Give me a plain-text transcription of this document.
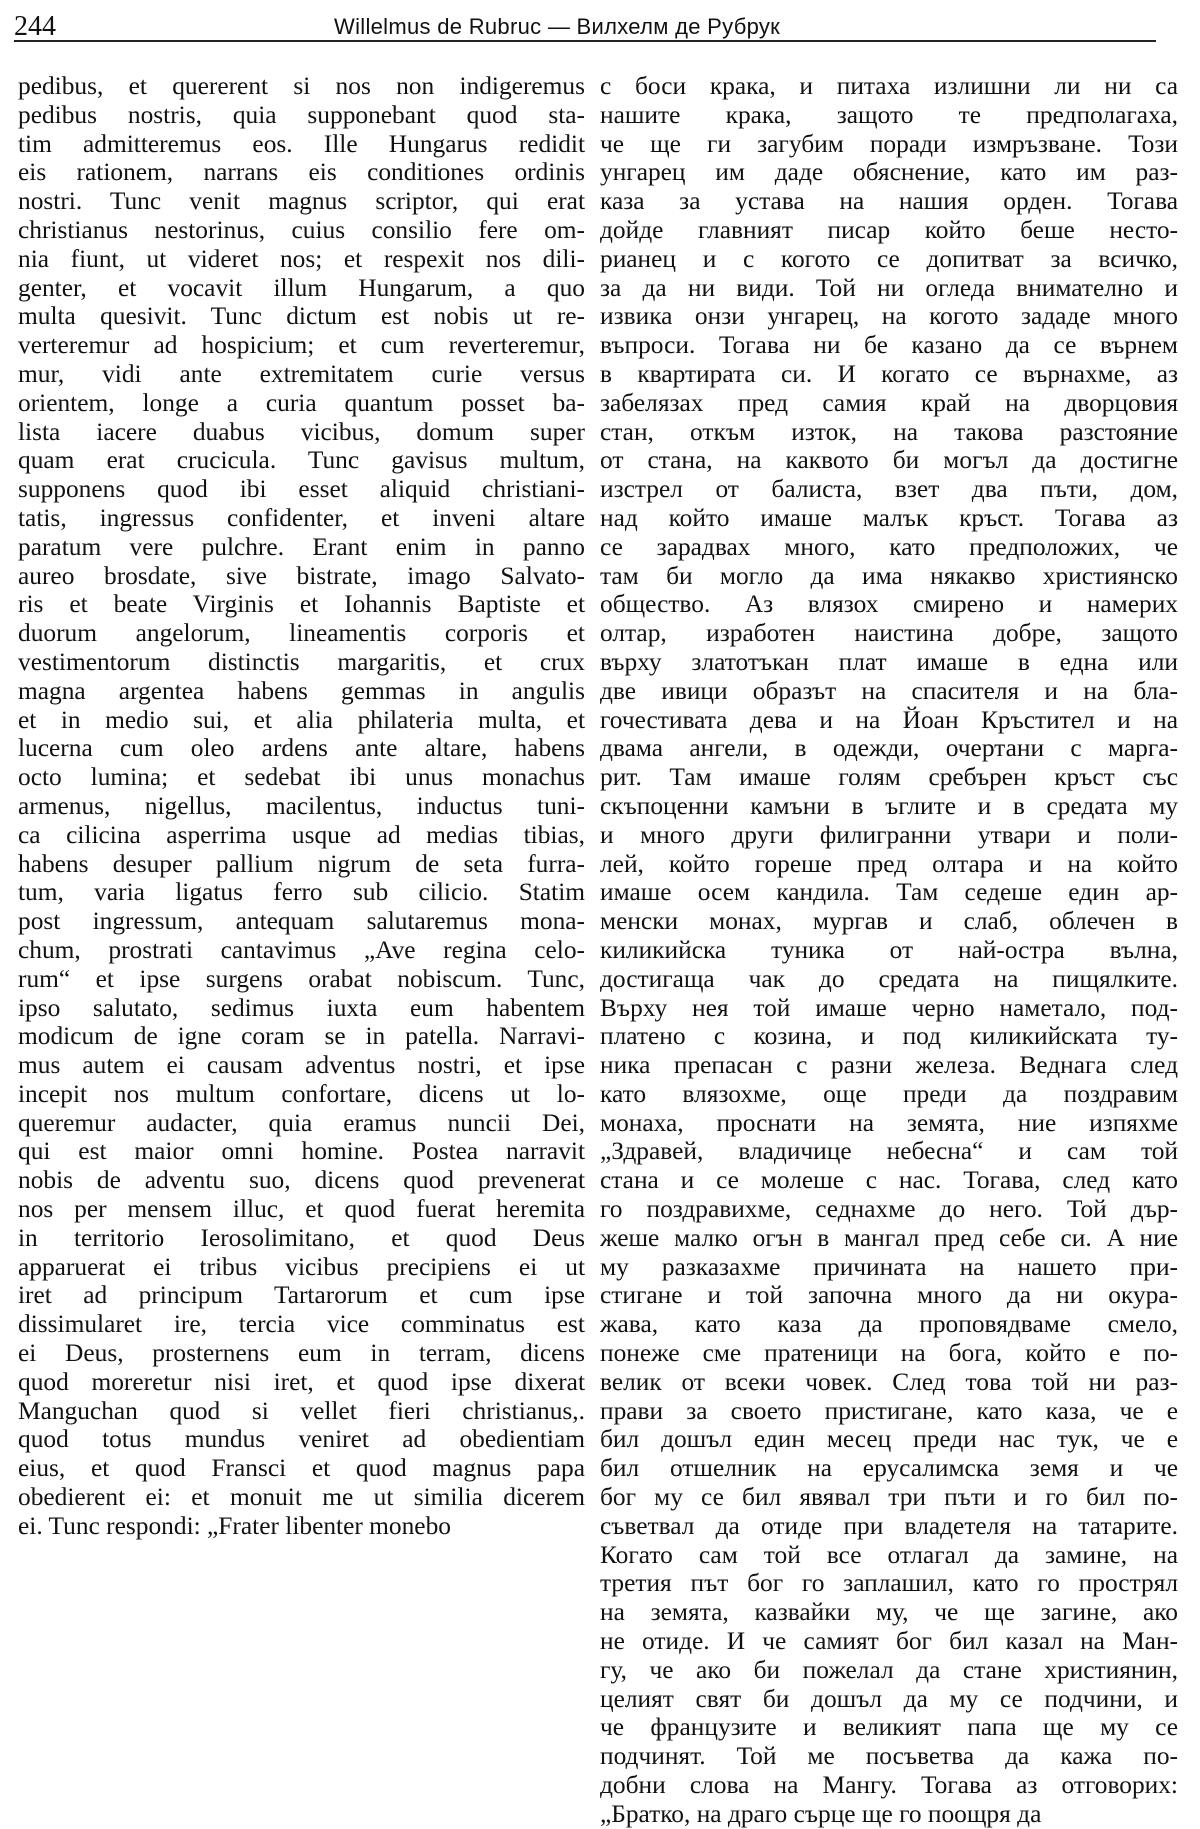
244	Willelmus de Rubruc — Вилхелм де Рубрук
pedibus, et quererent si nos non indigeremus
pedibus nostris, quia supponebant quod sta-
tim admitteremus eos. Ille Hungarus redidit
eis rationem, narrans eis conditiones ordinis
nostri. Tunc venit magnus scriptor, qui erat
christianus nestorinus, cuius consilio fere om-
nia fiunt, ut videret nos; et respexit nos dili-
genter, et vocavit illum Hungarum, a quo
multa quesivit. Tunc dictum est nobis ut re-
verteremur ad hospicium; et cum reverteremur,
mur, vidi ante extremitatem curie versus
orientem, longe a curia quantum posset ba-
lista iacere duabus vicibus, domum super
quam erat crucicula. Tunc gavisus multum,
supponens quod ibi esset aliquid christiani-
tatis, ingressus confidenter, et inveni altare
paratum vere pulchre. Erant enim in panno
aureo brosdate, sive bistrate, imago Salvato-
ris et beate Virginis et Iohannis Baptiste et
duorum angelorum, lineamentis corporis et
vestimentorum distinctis margaritis, et crux
magna argentea habens gemmas in angulis
et in medio sui, et alia philateria multa, et
lucerna cum oleo ardens ante altare, habens
octo lumina; et sedebat ibi unus monachus
armenus, nigellus, macilentus, inductus tuni-
ca cilicina asperrima usque ad medias tibias,
habens desuper pallium nigrum de seta furra-
tum, varia ligatus ferro sub cilicio. Statim
post ingressum, antequam salutaremus mona-
chum, prostrati cantavimus „Ave regina celo-
rum“ et ipse surgens orabat nobiscum. Tunc,
ipso salutato, sedimus iuxta eum habentem
modicum de igne coram se in patella. Narravi-
mus autem ei causam adventus nostri, et ipse
incepit nos multum confortare, dicens ut lo-
queremur audacter, quia eramus nuncii Dei,
qui est maior omni homine. Postea narravit
nobis de adventu suo, dicens quod prevenerat
nos per mensem illuc, et quod fuerat heremita
in territorio Ierosolimitano, et quod Deus
apparuerat ei tribus vicibus precipiens ei ut
iret ad principum Tartarorum et cum ipse
dissimularet ire, tercia vice comminatus est
ei Deus, prosternens eum in terram, dicens
quod moreretur nisi iret, et quod ipse dixerat
Manguchan quod si vellet fieri christianus,.
quod totus mundus veniret ad obedientiam
eius, et quod Fransci et quod magnus papa
obedierent ei: et monuit me ut similia dicerem
ei. Tunc respondi: „Frater libenter monebo
с боси крака, и питаха излишни ли ни са
нашите крака, защото те предполагаха,
че ще ги загубим поради измръзване. Този
унгарец им даде обяснение, като им раз-
каза за устава на нашия орден. Тогава
дойде главният писар който беше несто-
рианец и с когото се допитват за всичко,
за да ни види. Той ни огледа внимателно и
извика онзи унгарец, на когото зададе много
въпроси. Тогава ни бе казано да се върнем
в квартирата си. И когато се върнахме, аз
забелязах пред самия край на дворцовия
стан, откъм изток, на такова разстояние
от стана, на каквото би могъл да достигне
изстрел от балиста, взет два пъти, дом,
над който имаше малък кръст. Тогава аз
се зарадвах много, като предположих, че
там би могло да има някакво християнско
общество. Аз влязох смирено и намерих
олтар, изработен наистина добре, защото
върху златотъкан плат имаше в една или
две ивици образът на спасителя и на бла-
гочестивата дева и на Йоан Кръстител и на
двама ангели, в одежди, очертани с марга-
рит. Там имаше голям сребърен кръст със
скъпоценни камъни в ъглите и в средата му
и много други филигранни утвари и поли-
лей, който гореше пред олтара и на който
имаше осем кандила. Там седеше един ар-
менски монах, мургав и слаб, облечен в
киликийска туника от най-остра вълна,
достигаща чак до средата на пищялките.
Върху нея той имаше черно наметало, под-
платено с козина, и под киликийската ту-
ника препасан с разни железа. Веднага след
като влязохме, още преди да поздравим
монаха, проснати на земята, ние изпяхме
„Здравей, владичице небесна“ и сам той
стана и се молеше с нас. Тогава, след като
го поздравихме, седнахме до него. Той дър-
жеше малко огън в мангал пред себе си. А ние
му разказахме причината на нашето при-
стигане и той започна много да ни окура-
жава, като каза да проповядваме смело,
понеже сме пратеници на бога, който е по-
велик от всеки човек. След това той ни раз-
прави за своето пристигане, като каза, че е
бил дошъл един месец преди нас тук, че е
бил отшелник на ерусалимска земя и че
бог му се бил явявал три пъти и го бил по-
съветвал да отиде при владетеля на татарите.
Когато сам той все отлагал да замине, на
третия път бог го заплашил, като го прострял
на земята, казвайки му, че ще загине, ако
не отиде. И че самият бог бил казал на Ман-
гу, че ако би пожелал да стане християнин,
целият свят би дошъл да му се подчини, и
че французите и великият папа ще му се
подчинят. Той ме посъветва да кажа по-
добни слова на Мангу. Тогава аз отговорих:
„Братко, на драго сърце ще го поощря да
